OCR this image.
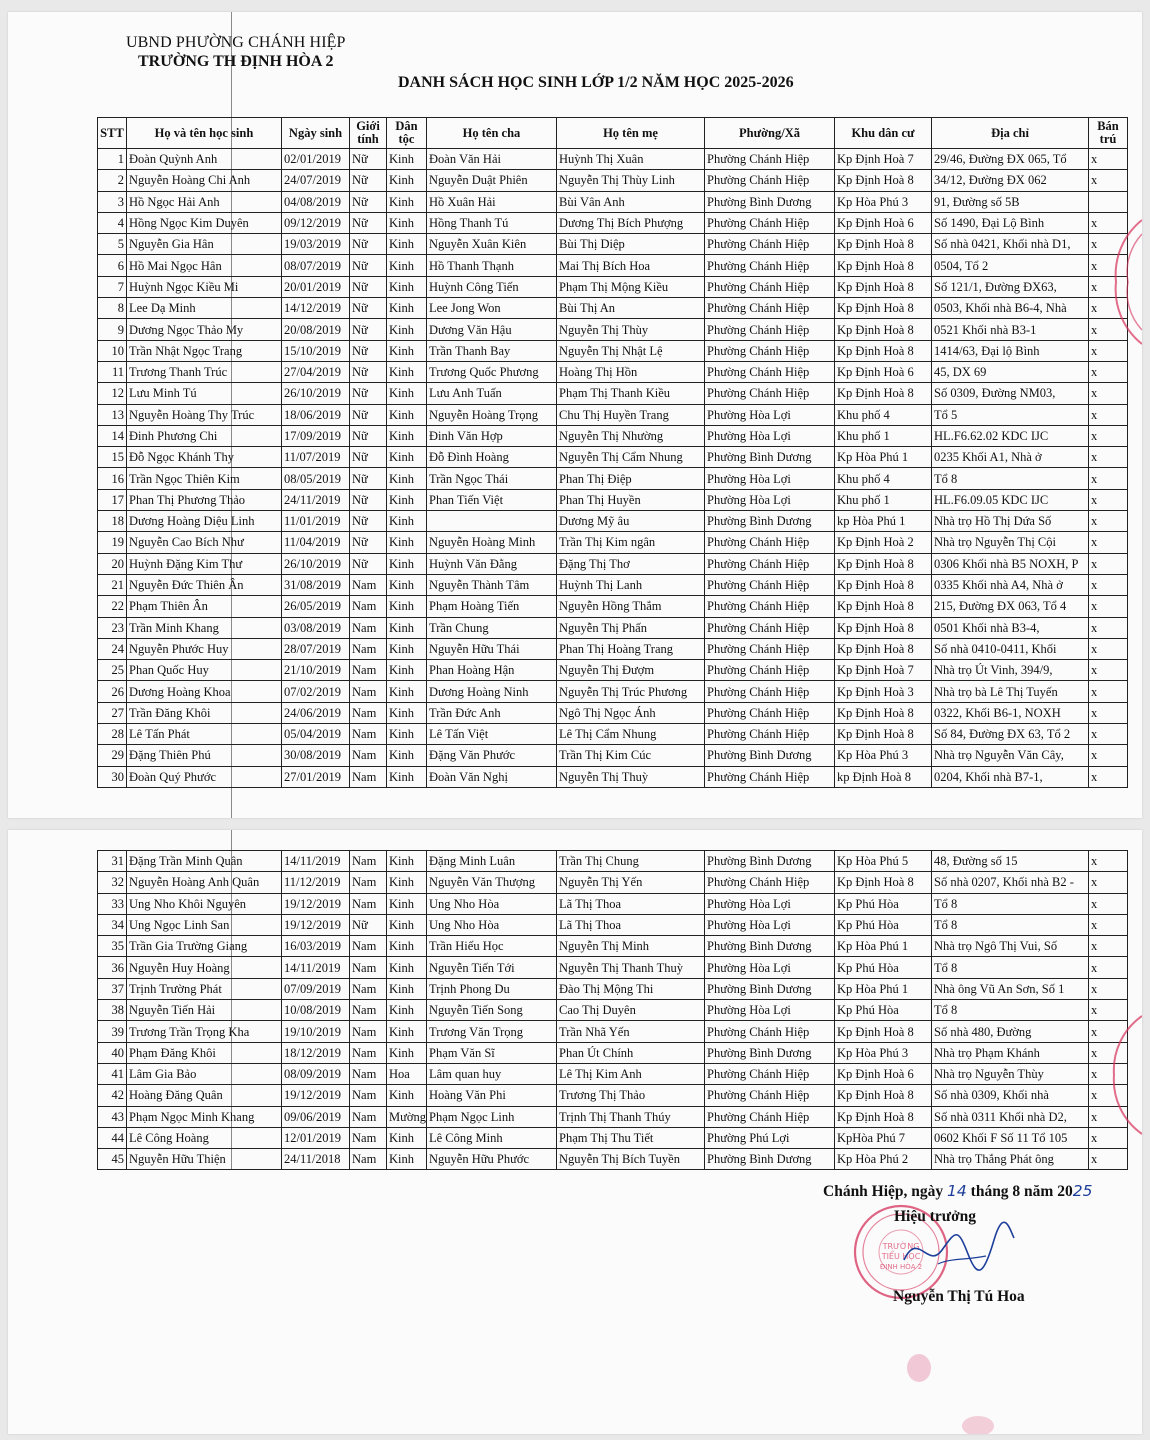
UBND PHƯỜNG CHÁNH HIỆP
TRƯỜNG TH ĐỊNH HÒA 2
DANH SÁCH HỌC SINH LỚP 1/2 NĂM HỌC 2025-2026
STT	Họ và tên học sinh	Ngày sinh	Giới tính	Dân tộc	Họ tên cha	Họ tên mẹ	Phường/Xã	Khu dân cư	Địa chỉ	Bán trú
1	Đoàn Quỳnh Anh	02/01/2019	Nữ	Kinh	Đoàn Văn Hải	Huỳnh Thị Xuân	Phường Chánh Hiệp	Kp Định Hoà 7	29/46, Đường ĐX 065, Tổ	x
2	Nguyễn Hoàng Chi Anh	24/07/2019	Nữ	Kinh	Nguyễn Duật Phiên	Nguyễn Thị Thùy Linh	Phường Chánh Hiệp	Kp Định Hoà 8	34/12, Đường ĐX 062	x
3	Hồ Ngọc Hải Anh	04/08/2019	Nữ	Kinh	Hồ Xuân Hải	Bùi Vân Anh	Phường Bình Dương	Kp Hòa Phú 3	91, Đường số 5B	
4	Hồng Ngọc Kim Duyên	09/12/2019	Nữ	Kinh	Hồng Thanh Tú	Dương Thị Bích Phượng	Phường Chánh Hiệp	Kp Định Hoà 6	Số 1490, Đại Lộ Bình	x
5	Nguyễn Gia Hân	19/03/2019	Nữ	Kinh	Nguyễn Xuân Kiên	Bùi Thị Diệp	Phường Chánh Hiệp	Kp Định Hoà 8	Số nhà 0421, Khối nhà D1,	x
6	Hồ Mai Ngọc Hân	08/07/2019	Nữ	Kinh	Hồ Thanh Thạnh	Mai Thị Bích Hoa	Phường Chánh Hiệp	Kp Định Hoà 8	0504, Tổ 2	x
7	Huỳnh Ngọc Kiều Mi	20/01/2019	Nữ	Kinh	Huỳnh Công Tiến	Phạm Thị Mộng Kiều	Phường Chánh Hiệp	Kp Định Hoà 8	Số 121/1, Đường ĐX63,	x
8	Lee Dạ Minh	14/12/2019	Nữ	Kinh	Lee Jong Won	Bùi Thị An	Phường Chánh Hiệp	Kp Định Hoà 8	0503, Khối nhà B6-4, Nhà	x
9	Dương Ngọc Thảo My	20/08/2019	Nữ	Kinh	Dương Văn Hậu	Nguyễn Thị Thùy	Phường Chánh Hiệp	Kp Định Hoà 8	0521 Khối nhà B3-1	x
10	Trần Nhật Ngọc Trang	15/10/2019	Nữ	Kinh	Trần Thanh Bay	Nguyễn Thị Nhật Lệ	Phường Chánh Hiệp	Kp Định Hoà 8	1414/63, Đại lộ Bình	x
11	Trương Thanh Trúc	27/04/2019	Nữ	Kinh	Trương Quốc Phương	Hoàng Thị Hồn	Phường Chánh Hiệp	Kp Định Hoà 6	45, DX 69	x
12	Lưu Minh Tú	26/10/2019	Nữ	Kinh	Lưu Anh Tuấn	Phạm Thị Thanh Kiều	Phường Chánh Hiệp	Kp Định Hoà 8	Số 0309, Đường NM03,	x
13	Nguyễn Hoàng Thy Trúc	18/06/2019	Nữ	Kinh	Nguyễn Hoàng Trọng	Chu Thị Huyền Trang	Phường Hòa Lợi	Khu phố 4	Tổ 5	x
14	Đinh Phương Chi	17/09/2019	Nữ	Kinh	Đinh Văn Hợp	Nguyễn Thị Nhường	Phường Hòa Lợi	Khu phố 1	HL.F6.62.02 KDC IJC	x
15	Đỗ Ngọc Khánh Thy	11/07/2019	Nữ	Kinh	Đỗ Đình Hoàng	Nguyễn Thị Cẩm Nhung	Phường Bình Dương	Kp Hòa Phú 1	0235 Khối A1, Nhà ở	x
16	Trần Ngọc Thiên Kim	08/05/2019	Nữ	Kinh	Trần Ngọc Thái	Phan Thị Điệp	Phường Hòa Lợi	Khu phố 4	Tổ 8	x
17	Phan Thị Phương Thảo	24/11/2019	Nữ	Kinh	Phan Tiến Việt	Phan Thị Huyền	Phường Hòa Lợi	Khu phố 1	HL.F6.09.05 KDC IJC	x
18	Dương Hoàng Diệu Linh	11/01/2019	Nữ	Kinh		Dương Mỹ âu	Phường Bình Dương	kp Hòa Phú 1	Nhà trọ Hồ Thị Dứa Số	x
19	Nguyễn Cao Bích Như	11/04/2019	Nữ	Kinh	Nguyễn Hoàng Minh	Trần Thị Kim ngân	Phường Chánh Hiệp	Kp Định Hoà 2	Nhà trọ Nguyễn Thị Cội	x
20	Huỳnh Đặng Kim Thư	26/10/2019	Nữ	Kinh	Huỳnh Văn Đằng	Đặng Thị Thơ	Phường Chánh Hiệp	Kp Định Hoà 8	0306 Khối nhà B5 NOXH, P	x
21	Nguyễn Đức Thiên Ân	31/08/2019	Nam	Kinh	Nguyễn Thành Tâm	Huỳnh Thị Lanh	Phường Chánh Hiệp	Kp Định Hoà 8	0335 Khối nhà A4, Nhà ở	x
22	Phạm Thiên Ân	26/05/2019	Nam	Kinh	Phạm Hoàng Tiến	Nguyễn Hồng Thắm	Phường Chánh Hiệp	Kp Định Hoà 8	215, Đường ĐX 063, Tổ 4	x
23	Trần Minh Khang	03/08/2019	Nam	Kinh	Trần Chung	Nguyễn Thị Phấn	Phường Chánh Hiệp	Kp Định Hoà 8	0501 Khối nhà B3-4,	x
24	Nguyễn Phước Huy	28/07/2019	Nam	Kinh	Nguyễn Hữu Thái	Phan Thị Hoàng Trang	Phường Chánh Hiệp	Kp Định Hoà 8	Số nhà 0410-0411, Khối	x
25	Phan Quốc Huy	21/10/2019	Nam	Kinh	Phan Hoàng Hận	Nguyễn Thị Đượm	Phường Chánh Hiệp	Kp Định Hoà 7	Nhà trọ Út Vinh, 394/9,	x
26	Dương Hoàng Khoa	07/02/2019	Nam	Kinh	Dương Hoàng Ninh	Nguyễn Thị Trúc Phương	Phường Chánh Hiệp	Kp Định Hoà 3	Nhà trọ bà Lê Thị Tuyến	x
27	Trần Đăng Khôi	24/06/2019	Nam	Kinh	Trần Đức Anh	Ngô Thị Ngọc Ánh	Phường Chánh Hiệp	Kp Định Hoà 8	0322, Khối B6-1, NOXH	x
28	Lê Tấn Phát	05/04/2019	Nam	Kinh	Lê Tấn Việt	Lê Thị Cẩm Nhung	Phường Chánh Hiệp	Kp Định Hoà 8	Số 84, Đường ĐX 63, Tổ 2	x
29	Đặng Thiên Phú	30/08/2019	Nam	Kinh	Đặng Văn Phước	Trần Thị Kim Cúc	Phường Bình Dương	Kp Hòa Phú 3	Nhà trọ Nguyễn Văn Cây,	x
30	Đoàn Quý Phước	27/01/2019	Nam	Kinh	Đoàn Văn Nghị	Nguyễn Thị Thuỳ	Phường Chánh Hiệp	kp Định Hoà 8	0204, Khối nhà B7-1,	x
31	Đặng Trần Minh Quân	14/11/2019	Nam	Kinh	Đặng Minh Luân	Trần Thị Chung	Phường Bình Dương	Kp Hòa Phú 5	48, Đường số 15	x
32	Nguyễn Hoàng Anh Quân	11/12/2019	Nam	Kinh	Nguyễn Văn Thượng	Nguyễn Thị Yến	Phường Chánh Hiệp	Kp Định Hoà 8	Số nhà 0207, Khối nhà B2 -	x
33	Ung Nho Khôi Nguyên	19/12/2019	Nam	Kinh	Ung Nho Hòa	Lã Thị Thoa	Phường Hòa Lợi	Kp Phú Hòa	Tổ 8	x
34	Ung Ngọc Linh San	19/12/2019	Nữ	Kinh	Ung Nho Hòa	Lã Thị Thoa	Phường Hòa Lợi	Kp Phú Hòa	Tổ 8	x
35	Trần Gia Trường Giang	16/03/2019	Nam	Kinh	Trần Hiếu Học	Nguyễn Thị Minh	Phường Bình Dương	Kp Hòa Phú 1	Nhà trọ Ngô Thị Vui, Số	x
36	Nguyễn Huy Hoàng	14/11/2019	Nam	Kinh	Nguyễn Tiến Tới	Nguyễn Thị Thanh Thuỳ	Phường Hòa Lợi	Kp Phú Hòa	Tổ 8	x
37	Trịnh Trường Phát	07/09/2019	Nam	Kinh	Trịnh Phong Du	Đào Thị Mộng Thi	Phường Bình Dương	Kp Hòa Phú 1	Nhà ông Vũ An Sơn, Số 1	x
38	Nguyễn Tiến Hải	10/08/2019	Nam	Kinh	Nguyễn Tiến Song	Cao Thị Duyên	Phường Hòa Lợi	Kp Phú Hòa	Tổ 8	x
39	Trương Trần Trọng Kha	19/10/2019	Nam	Kinh	Trương Văn Trọng	Trần Nhã Yến	Phường Chánh Hiệp	Kp Định Hoà 8	Số nhà 480, Đường	x
40	Phạm Đăng Khôi	18/12/2019	Nam	Kinh	Phạm Văn Sĩ	Phan Út Chính	Phường Bình Dương	Kp Hòa Phú 3	Nhà trọ Phạm Khánh	x
41	Lâm Gia Bảo	08/09/2019	Nam	Hoa	Lâm quan huy	Lê Thị Kim Anh	Phường Chánh Hiệp	Kp Định Hoà 6	Nhà trọ Nguyễn Thùy	x
42	Hoàng Đăng Quân	19/12/2019	Nam	Kinh	Hoàng Văn Phi	Trương Thị Thảo	Phường Chánh Hiệp	Kp Định Hoà 8	Số nhà 0309, Khối nhà	x
43	Phạm Ngọc Minh Khang	09/06/2019	Nam	Mường	Phạm Ngọc Linh	Trịnh Thị Thanh Thúy	Phường Chánh Hiệp	Kp Định Hoà 8	Số nhà 0311 Khối nhà D2,	x
44	Lê Công Hoàng	12/01/2019	Nam	Kinh	Lê Công Minh	Phạm Thị Thu Tiết	Phường Phú Lợi	KpHòa Phú 7	0602 Khối F Số 11 Tổ 105	x
45	Nguyễn Hữu Thiện	24/11/2018	Nam	Kinh	Nguyễn Hữu Phước	Nguyễn Thị Bích Tuyền	Phường Bình Dương	Kp Hòa Phú 2	Nhà trọ Thắng Phát ông	x
Chánh Hiệp, ngày 14 tháng 8 năm 2025
TRƯỜNG
TIỂU HỌC
ĐỊNH HÒA 2
Hiệu trưởng
Nguyễn Thị Tú Hoa
